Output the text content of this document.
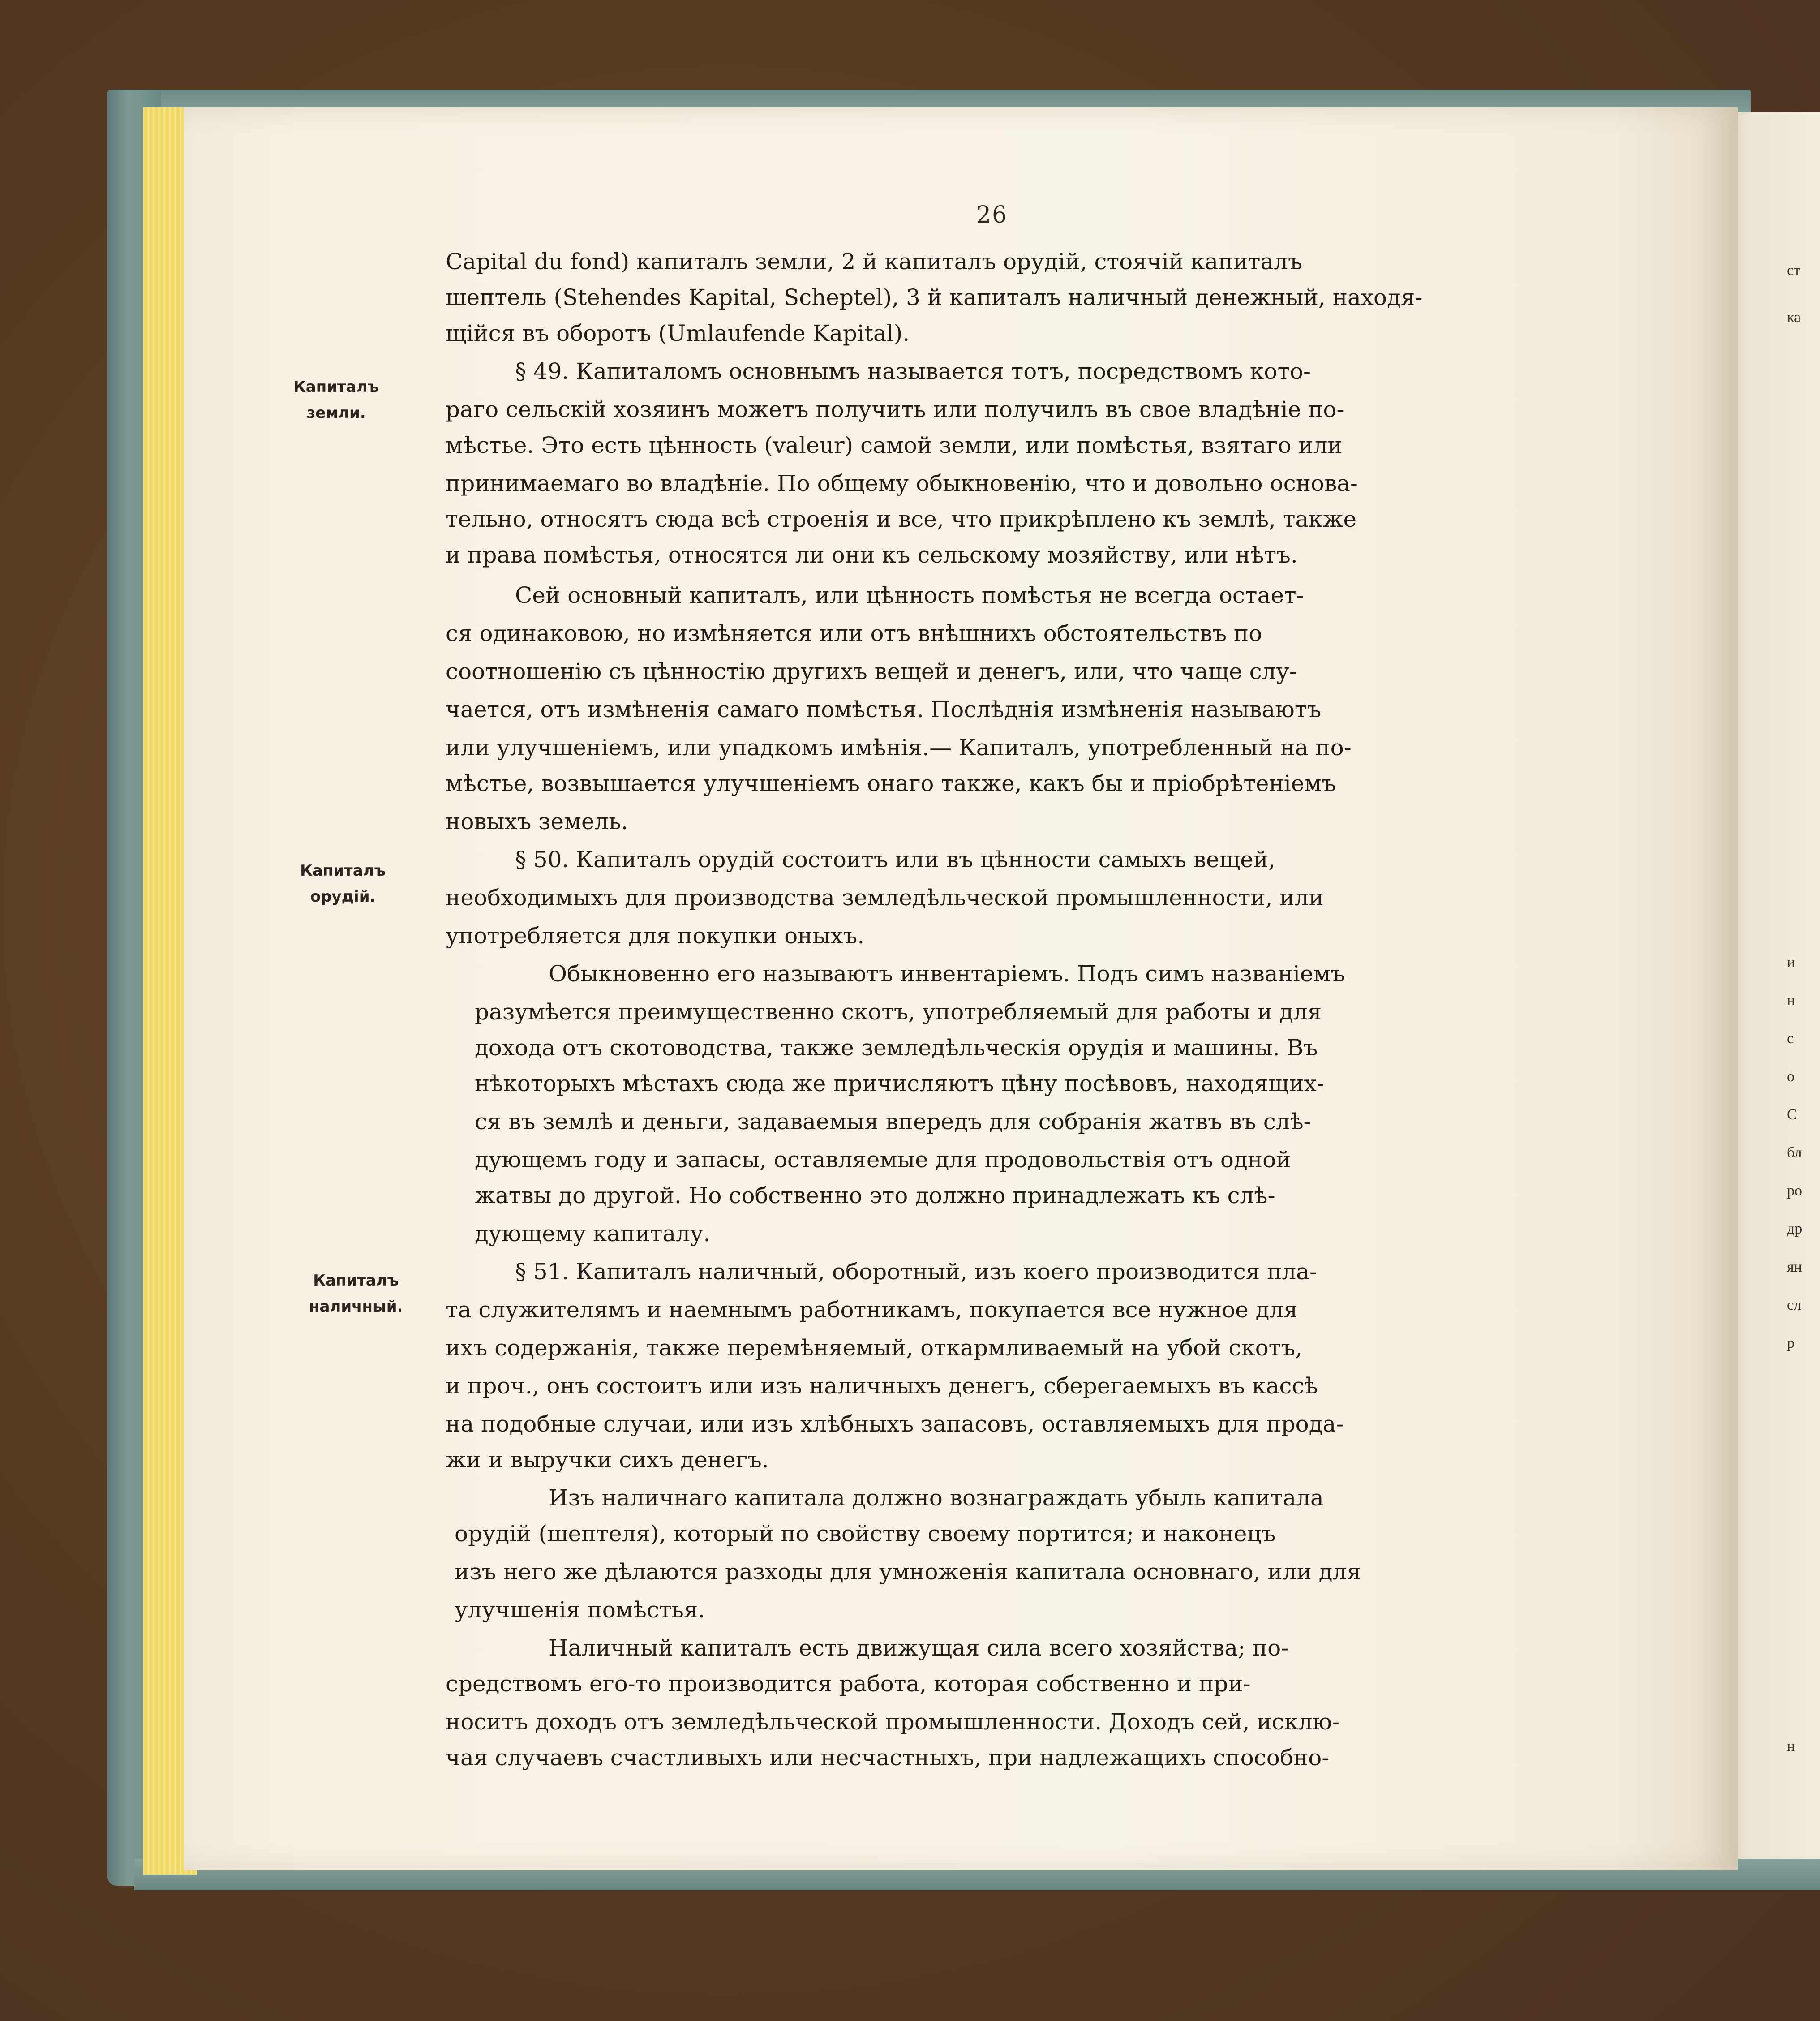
26
Капиталъ
земли.
Капиталъ
орудій.
Капиталъ
наличный.
Capital du fond) капиталъ земли, 2 й капиталъ орудій, стоячій капиталъ
шептель (Stehendes Kapital, Scheptel), 3 й капиталъ наличный денежный, находя-
щійся въ оборотъ (Umlaufende Kapital).
§ 49. Капиталомъ основнымъ называется тотъ, посредствомъ кото-
раго сельскій хозяинъ можетъ получить или получилъ въ свое владѣніе по-
мѣстье. Это есть цѣнность (valeur) самой земли, или помѣстья, взятаго или
принимаемаго во владѣніе. По общему обыкновенію, что и довольно основа-
тельно, относятъ сюда всѣ строенія и все, что прикрѣплено къ землѣ, также
и права помѣстья, относятся ли они къ сельскому мозяйству, или нѣтъ.
Сей основный капиталъ, или цѣнность помѣстья не всегда остает-
ся одинаковою, но измѣняется или отъ внѣшнихъ обстоятельствъ по
соотношенію съ цѣнностію другихъ вещей и денегъ, или, что чаще слу-
чается, отъ измѣненія самаго помѣстья. Послѣднія измѣненія называютъ
или улучшеніемъ, или упадкомъ имѣнія.— Капиталъ, употребленный на по-
мѣстье, возвышается улучшеніемъ онаго также, какъ бы и пріобрѣтеніемъ
новыхъ земель.
§ 50. Капиталъ орудій состоитъ или въ цѣнности самыхъ вещей,
необходимыхъ для производства земледѣльческой промышленности, или
употребляется для покупки оныхъ.
Обыкновенно его называютъ инвентаріемъ. Подъ симъ названіемъ
разумѣется преимущественно скотъ, употребляемый для работы и для
дохода отъ скотоводства, также земледѣльческія орудія и машины. Въ
нѣкоторыхъ мѣстахъ сюда же причисляютъ цѣну посѣвовъ, находящих-
ся въ землѣ и деньги, задаваемыя впередъ для собранія жатвъ въ слѣ-
дующемъ году и запасы, оставляемые для продовольствія отъ одной
жатвы до другой. Но собственно это должно принадлежать къ слѣ-
дующему капиталу.
§ 51. Капиталъ наличный, оборотный, изъ коего производится пла-
та служителямъ и наемнымъ работникамъ, покупается все нужное для
ихъ содержанія, также перемѣняемый, откармливаемый на убой скотъ,
и проч., онъ состоитъ или изъ наличныхъ денегъ, сберегаемыхъ въ кассѣ
на подобные случаи, или изъ хлѣбныхъ запасовъ, оставляемыхъ для прода-
жи и выручки сихъ денегъ.
Изъ наличнаго капитала должно вознаграждать убыль капитала
орудій (шептеля), который по свойству своему портится; и наконецъ
изъ него же дѣлаются разходы для умноженія капитала основнаго, или для
улучшенія помѣстья.
Наличный капиталъ есть движущая сила всего хозяйства; по-
средствомъ его-то производится работа, которая собственно и при-
носитъ доходъ отъ земледѣльческой промышленности. Доходъ сей, исклю-
чая случаевъ счастливыхъ или несчастныхъ, при надлежащихъ способно-
ст
ка
и
н
с
о
С
бл
ро
др
ян
сл
р
н
